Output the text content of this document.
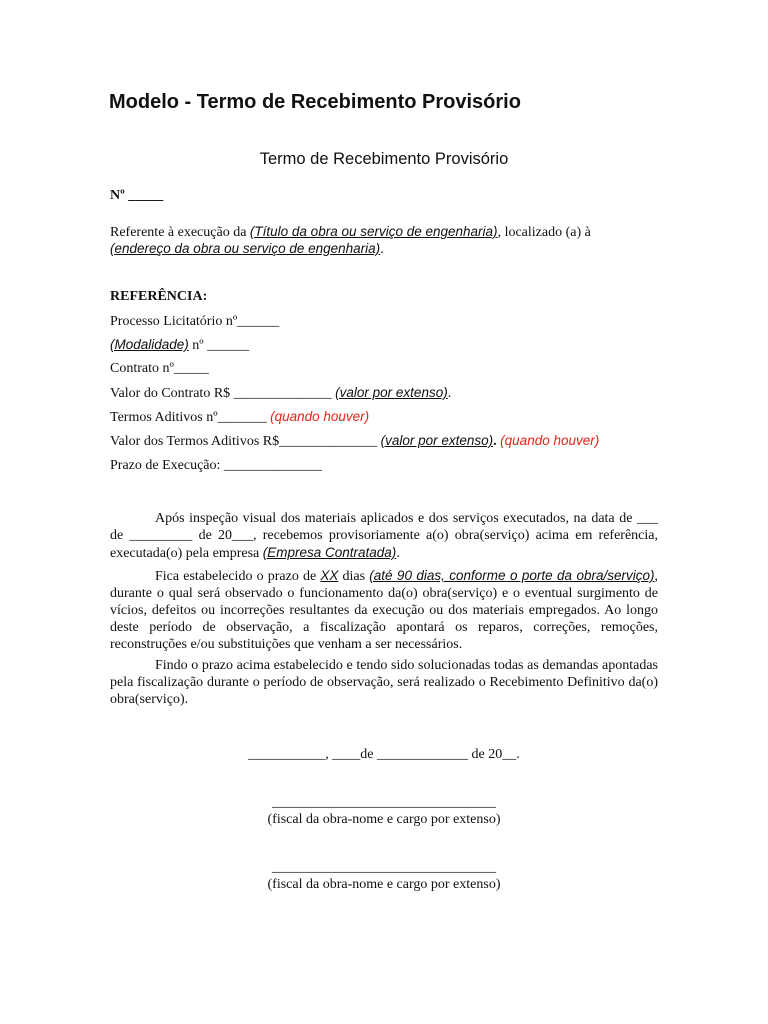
Modelo - Termo de Recebimento Provisório
Termo de Recebimento Provisório
Nº _____
Referente à execução da (Título da obra ou serviço de engenharia), localizado (a) à
(endereço da obra ou serviço de engenharia).
REFERÊNCIA:
Processo Licitatório nº______
(Modalidade) nº ______
Contrato nº_____
Valor do Contrato R$ ______________ (valor por extenso).
Termos Aditivos nº_______ (quando houver)
Valor dos Termos Aditivos R$______________ (valor por extenso). (quando houver)
Prazo de Execução: ______________
Após inspeção visual dos materiais aplicados e dos serviços executados, na data de ___ de _________ de 20___, recebemos provisoriamente a(o) obra(serviço) acima em referência, executada(o) pela empresa (Empresa Contratada).
Fica estabelecido o prazo de XX dias (até 90 dias, conforme o porte da obra/serviço), durante o qual será observado o funcionamento da(o) obra(serviço) e o eventual surgimento de vícios, defeitos ou incorreções resultantes da execução ou dos materiais empregados. Ao longo deste período de observação, a fiscalização apontará os reparos, correções, remoções, reconstruções e/ou substituições que venham a ser necessários.
Findo o prazo acima estabelecido e tendo sido solucionadas todas as demandas apontadas pela fiscalização durante o período de observação, será realizado o Recebimento Definitivo da(o) obra(serviço).
___________, ____de _____________ de 20__.
________________________________
(fiscal da obra-nome e cargo por extenso)
________________________________
(fiscal da obra-nome e cargo por extenso)
